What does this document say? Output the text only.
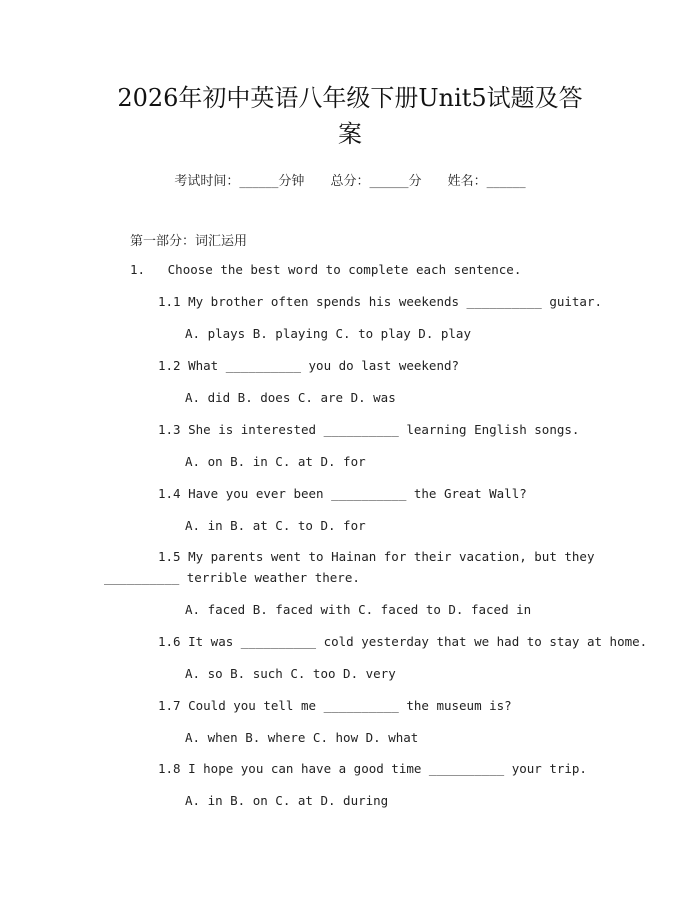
2026年初中英语八年级下册Unit5试题及答
案
考试时间：______分钟 总分：______分 姓名：______
第一部分：词汇运用
1. Choose the best word to complete each sentence.
1.1 My brother often spends his weekends __________ guitar.
A. plays B. playing C. to play D. play
1.2 What __________ you do last weekend?
A. did B. does C. are D. was
1.3 She is interested __________ learning English songs.
A. on B. in C. at D. for
1.4 Have you ever been __________ the Great Wall?
A. in B. at C. to D. for
1.5 My parents went to Hainan for their vacation, but they
__________ terrible weather there.
A. faced B. faced with C. faced to D. faced in
1.6 It was __________ cold yesterday that we had to stay at home.
A. so B. such C. too D. very
1.7 Could you tell me __________ the museum is?
A. when B. where C. how D. what
1.8 I hope you can have a good time __________ your trip.
A. in B. on C. at D. during
